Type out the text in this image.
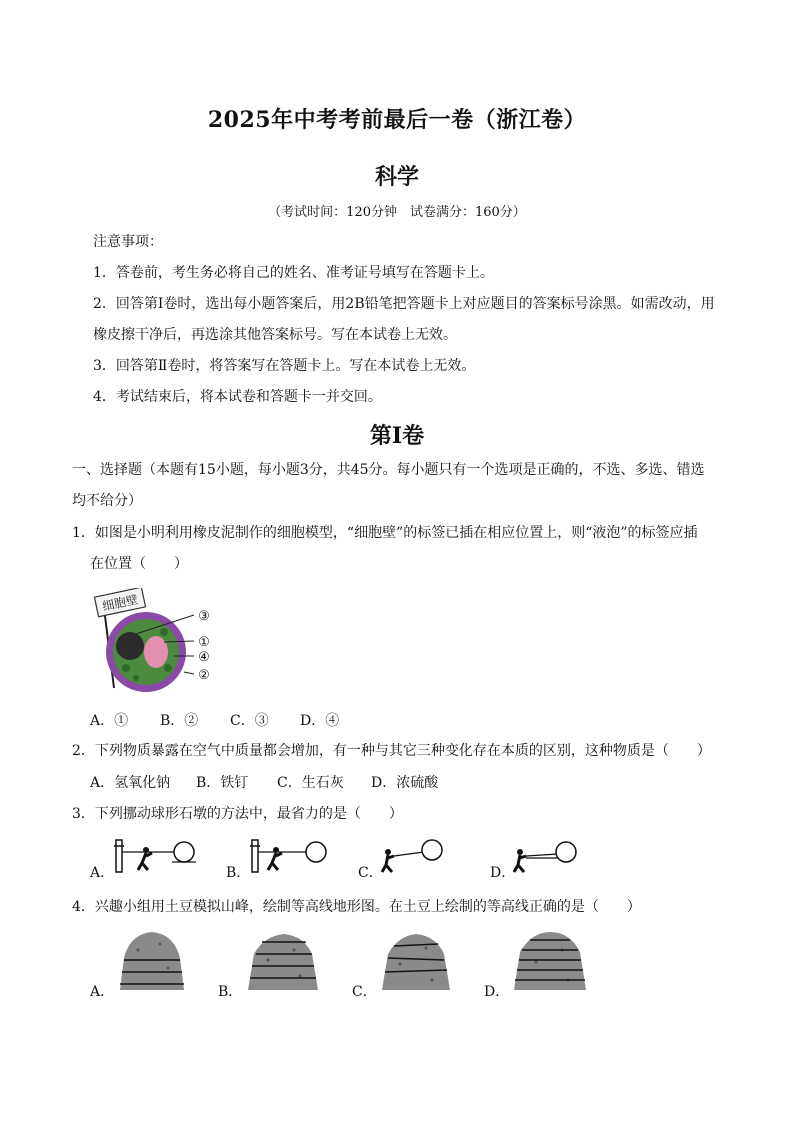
2025年中考考前最后一卷（浙江卷）
科学
（考试时间：120分钟　试卷满分：160分）
注意事项：
1．答卷前，考生务必将自己的姓名、准考证号填写在答题卡上。
2．回答第Ⅰ卷时，选出每小题答案后，用2B铅笔把答题卡上对应题目的答案标号涂黑。如需改动，用
橡皮擦干净后，再选涂其他答案标号。写在本试卷上无效。
3．回答第Ⅱ卷时，将答案写在答题卡上。写在本试卷上无效。
4．考试结束后，将本试卷和答题卡一并交回。
第Ⅰ卷
一、选择题（本题有15小题，每小题3分，共45分。每小题只有一个选项是正确的，不选、多选、错选
均不给分）
1．如图是小明利用橡皮泥制作的细胞模型，“细胞壁”的标签已插在相应位置上，则“液泡”的标签应插
在位置（　　）
细胞壁
③
①
④
②
A．① B．② C．③ D．④
2．下列物质暴露在空气中质量都会增加，有一种与其它三种变化存在本质的区别，这种物质是（　　）
A．氢氧化钠 B．铁钉 C．生石灰 D．浓硫酸
3．下列挪动球形石墩的方法中，最省力的是（　　）
A．	B．	C．	D．
4．兴趣小组用土豆模拟山峰，绘制等高线地形图。在土豆上绘制的等高线正确的是（　　）
A．	B．	C．	D．
